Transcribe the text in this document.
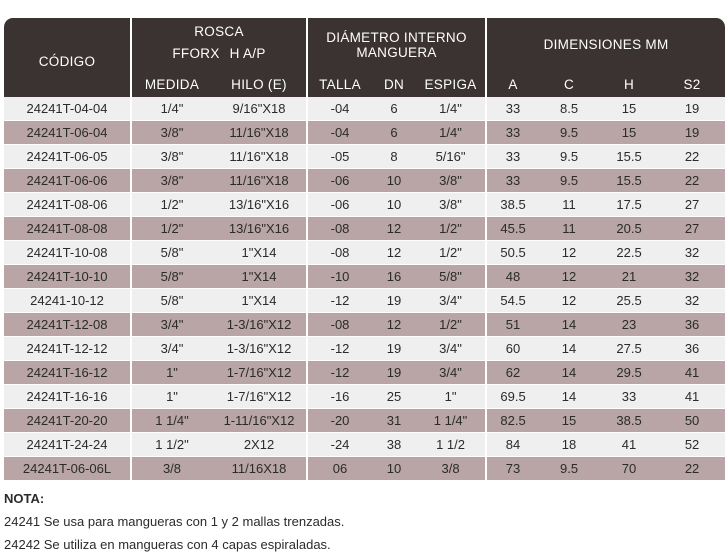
CÓDIGO	ROSCA
FFORX H A/P		DIÁMETRO INTERNO
MANGUERA			DIMENSIONES MM			
	MEDIDA	HILO (E)	TALLA	DN	ESPIGA	A	C	H	S2
24241T-04-04	1/4"	9/16"X18	-04	6	1/4"	33	8.5	15	19
24241T-06-04	3/8"	11/16"X18	-04	6	1/4"	33	9.5	15	19
24241T-06-05	3/8"	11/16"X18	-05	8	5/16"	33	9.5	15.5	22
24241T-06-06	3/8"	11/16"X18	-06	10	3/8"	33	9.5	15.5	22
24241T-08-06	1/2"	13/16"X16	-06	10	3/8"	38.5	11	17.5	27
24241T-08-08	1/2"	13/16"X16	-08	12	1/2"	45.5	11	20.5	27
24241T-10-08	5/8"	1"X14	-08	12	1/2"	50.5	12	22.5	32
24241T-10-10	5/8"	1"X14	-10	16	5/8"	48	12	21	32
24241-10-12	5/8"	1"X14	-12	19	3/4"	54.5	12	25.5	32
24241T-12-08	3/4"	1-3/16"X12	-08	12	1/2"	51	14	23	36
24241T-12-12	3/4"	1-3/16"X12	-12	19	3/4"	60	14	27.5	36
24241T-16-12	1"	1-7/16"X12	-12	19	3/4"	62	14	29.5	41
24241T-16-16	1"	1-7/16"X12	-16	25	1"	69.5	14	33	41
24241T-20-20	1 1/4"	1-11/16"X12	-20	31	1 1/4"	82.5	15	38.5	50
24241T-24-24	1 1/2"	2X12	-24	38	1 1/2	84	18	41	52
24241T-06-06L	3/8	11/16X18	06	10	3/8	73	9.5	70	22
NOTA:
24241 Se usa para mangueras con 1 y 2 mallas trenzadas.
24242 Se utiliza en mangueras con 4 capas espiraladas.
